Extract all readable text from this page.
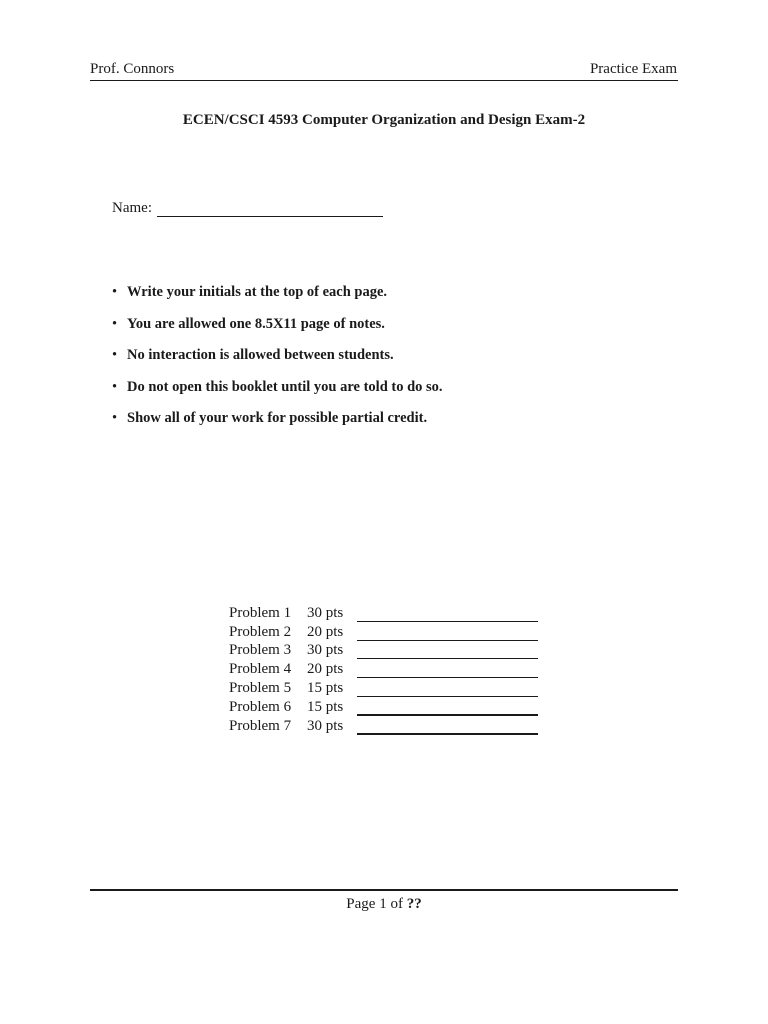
Prof. Connors	Practice Exam
ECEN/CSCI 4593 Computer Organization and Design Exam-2
Name:
• Write your initials at the top of each page.
• You are allowed one 8.5X11 page of notes.
• No interaction is allowed between students.
• Do not open this booklet until you are told to do so.
• Show all of your work for possible partial credit.
Problem 1	30 pts
Problem 2	20 pts
Problem 3	30 pts
Problem 4	20 pts
Problem 5	15 pts
Problem 6	15 pts
Problem 7	30 pts
Page 1 of ??
